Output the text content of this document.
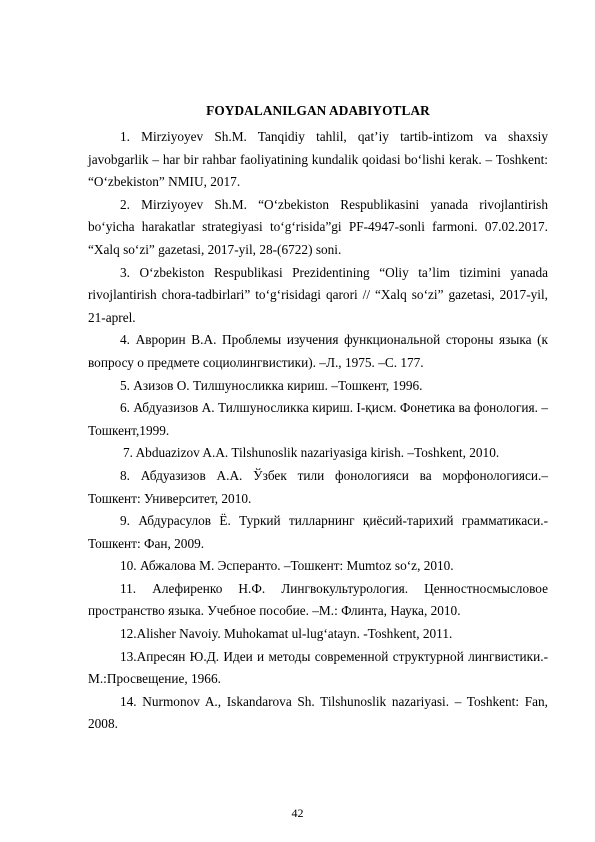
FOYDALANILGAN ADABIYOTLAR

1. Mirziyoyev Sh.M. Tanqidiy tahlil, qat’iy tartib-intizom va shaxsiy javobgarlik – har bir rahbar faoliyatining kundalik qoidasi bo‘lishi kerak. – Toshkent: “O‘zbekiston” NMIU, 2017.

2. Mirziyoyev Sh.M. “O‘zbekiston Respublikasini yanada rivojlantirish bo‘yicha harakatlar strategiyasi to‘g‘risida”gi PF-4947-sonli farmoni. 07.02.2017. “Xalq so‘zi” gazetasi, 2017-yil, 28-(6722) soni.

3. O‘zbekiston Respublikasi Prezidentining “Oliy ta’lim tizimini yanada rivojlantirish chora-tadbirlari” to‘g‘risidagi qarori // “Xalq so‘zi” gazetasi, 2017-yil, 21-aprel.

4. Аврорин В.А. Проблемы изучения функциональной стороны языка (к вопросу о предмете социолингвистики). –Л., 1975. –С. 177.

5. Азизов О. Тилшуносликка кириш. –Тошкент, 1996.

6. Абдуазизов А. Тилшуносликка кириш. I-қисм. Фонетика ва фонология. –Тошкент,1999.

7. Abduazizov A.A. Tilshunoslik nazariyasiga kirish. –Toshkent, 2010.

8. Абдуазизов А.А. Ўзбек тили фонологияси ва морфонологияси.– Тошкент: Университет, 2010.

9. Абдурасулов Ё. Туркий тилларнинг қиёсий-тарихий грамматикаси.- Тошкент: Фан, 2009.

10. Абжалова М. Эсперанто. –Тошкент: Mumtoz so‘z, 2010.

11. Алефиренко Н.Ф. Лингвокультурология. Ценностносмысловое пространство языка. Учебное пособие. –М.: Флинта, Наука, 2010.

12.Alisher Navoiy. Muhokamat ul-lug‘atayn. -Toshkent, 2011.

13.Апресян Ю.Д. Идеи и методы современной структурной лингвистики.-М.:Просвещение, 1966.

14. Nurmonov A., Iskandarova Sh. Tilshunoslik nazariyasi. – Toshkent: Fan, 2008.

42
